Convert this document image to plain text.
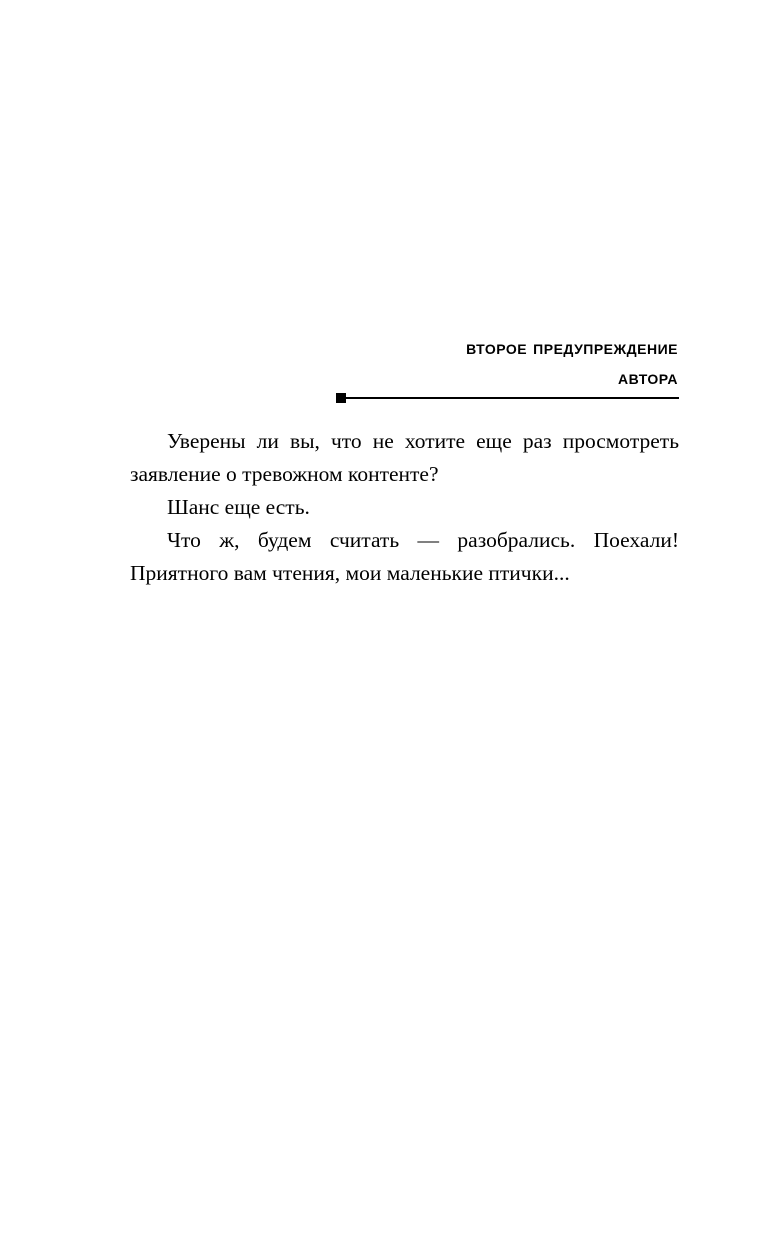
второе предупреждение
автора

Уверены ли вы, что не хотите еще раз просмотреть заявление о тревожном контенте?

Шанс еще есть.

Что ж, будем считать — разобрались. Поехали! Приятного вам чтения, мои маленькие птички...
